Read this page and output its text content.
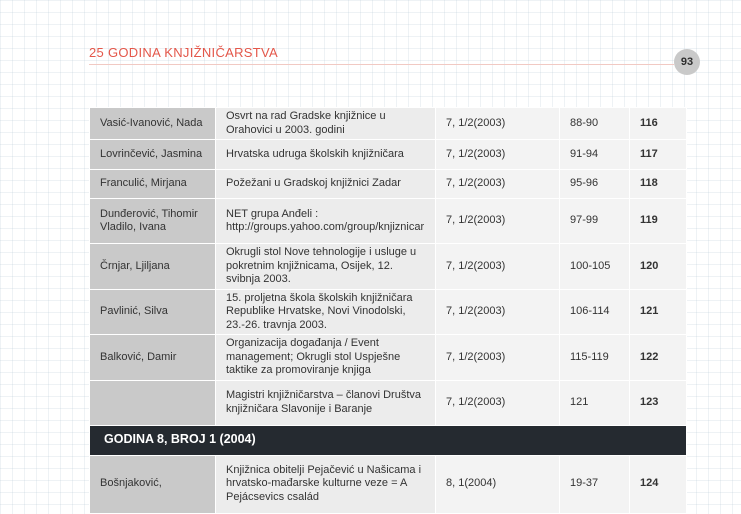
25 GODINA KNJIŽNIČARSTVA
93
Vasić-Ivanović, Nada	Osvrt na rad Gradske knjižnice u Orahovici u 2003. godini	7, 1/2(2003)	88-90	116
Lovrinčević, Jasmina	Hrvatska udruga školskih knjižničara	7, 1/2(2003)	91-94	117
Franculić, Mirjana	Požežani u Gradskoj knjižnici Zadar	7, 1/2(2003)	95-96	118
Dunđerović, Tihomir Vladilo, Ivana	NET grupa Anđeli : http://groups.yahoo.com/group/knjiznicar	7, 1/2(2003)	97-99	119
Črnjar, Ljiljana	Okrugli stol Nove tehnologije i usluge u pokretnim knjižnicama, Osijek, 12. svibnja 2003.	7, 1/2(2003)	100-105	120
Pavlinić, Silva	15. proljetna škola školskih knjižničara Republike Hrvatske, Novi Vinodolski, 23.-26. travnja 2003.	7, 1/2(2003)	106-114	121
Balković, Damir	Organizacija događanja / Event management; Okrugli stol Uspješne taktike za promoviranje knjiga	7, 1/2(2003)	115-119	122
	Magistri knjižničarstva – članovi Društva knjižničara Slavonije i Baranje	7, 1/2(2003)	121	123
GODINA 8, BROJ 1 (2004)				
Bošnjaković,	Knjižnica obitelji Pejačević u Našicama i hrvatsko-mađarske kulturne veze = A Pejácsevics család	8, 1(2004)	19-37	124
